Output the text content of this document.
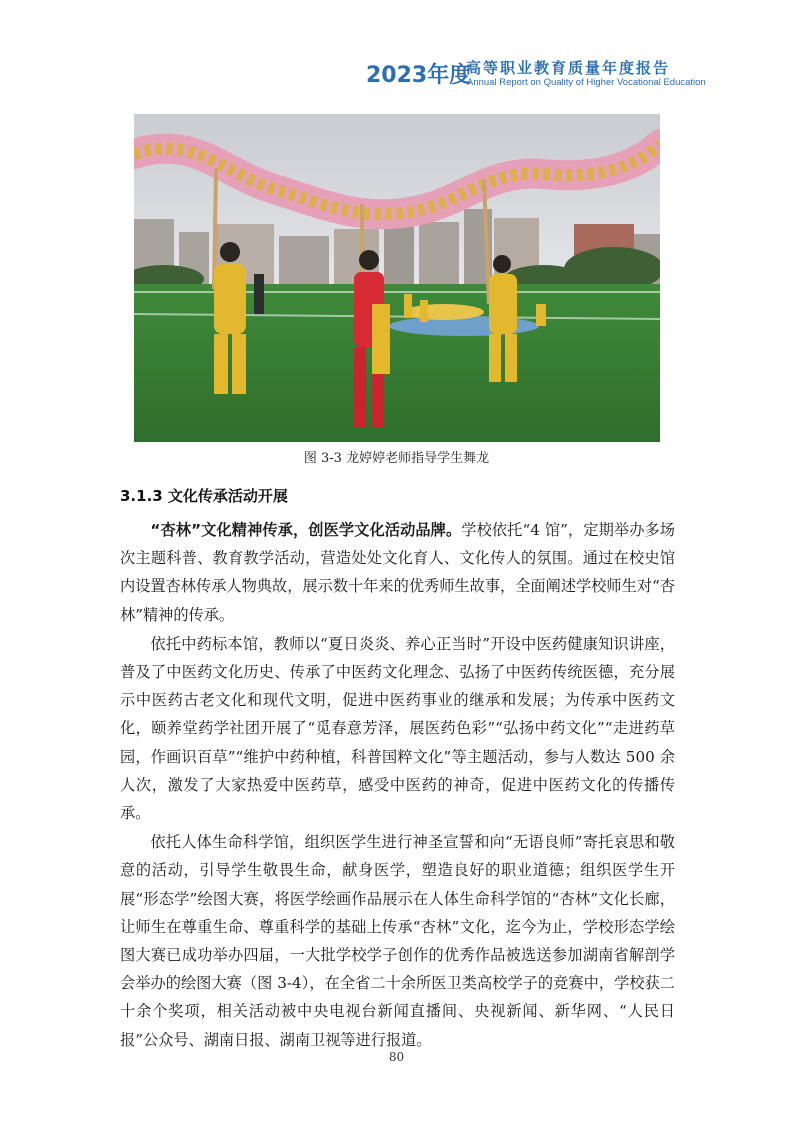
2023年度
高等职业教育质量年度报告
Annual Report on Quality of Higher Vocational Education
图 3-3 龙婷婷老师指导学生舞龙
3.1.3 文化传承活动开展

“杏林”文化精神传承，创医学文化活动品牌。学校依托“4 馆”，定期举办多场次主题科普、教育教学活动，营造处处文化育人、文化传人的氛围。通过在校史馆内设置杏林传承人物典故，展示数十年来的优秀师生故事，全面阐述学校师生对“杏林”精神的传承。

依托中药标本馆，教师以“夏日炎炎、养心正当时”开设中医药健康知识讲座，普及了中医药文化历史、传承了中医药文化理念、弘扬了中医药传统医德，充分展示中医药古老文化和现代文明，促进中医药事业的继承和发展；为传承中医药文化，颐养堂药学社团开展了“觅春意芳泽，展医药色彩”“弘扬中药文化”“走进药草园，作画识百草”“维护中药种植，科普国粹文化”等主题活动，参与人数达 500 余人次，激发了大家热爱中医药草，感受中医药的神奇，促进中医药文化的传播传承。

依托人体生命科学馆，组织医学生进行神圣宣誓和向“无语良师”寄托哀思和敬意的活动，引导学生敬畏生命，献身医学，塑造良好的职业道德；组织医学生开展“形态学”绘图大赛，将医学绘画作品展示在人体生命科学馆的“杏林”文化长廊，让师生在尊重生命、尊重科学的基础上传承“杏林”文化，迄今为止，学校形态学绘图大赛已成功举办四届，一大批学校学子创作的优秀作品被选送参加湖南省解剖学会举办的绘图大赛（图 3-4），在全省二十余所医卫类高校学子的竞赛中，学校获二十余个奖项，相关活动被中央电视台新闻直播间、央视新闻、新华网、“人民日报”公众号、湖南日报、湖南卫视等进行报道。

80
